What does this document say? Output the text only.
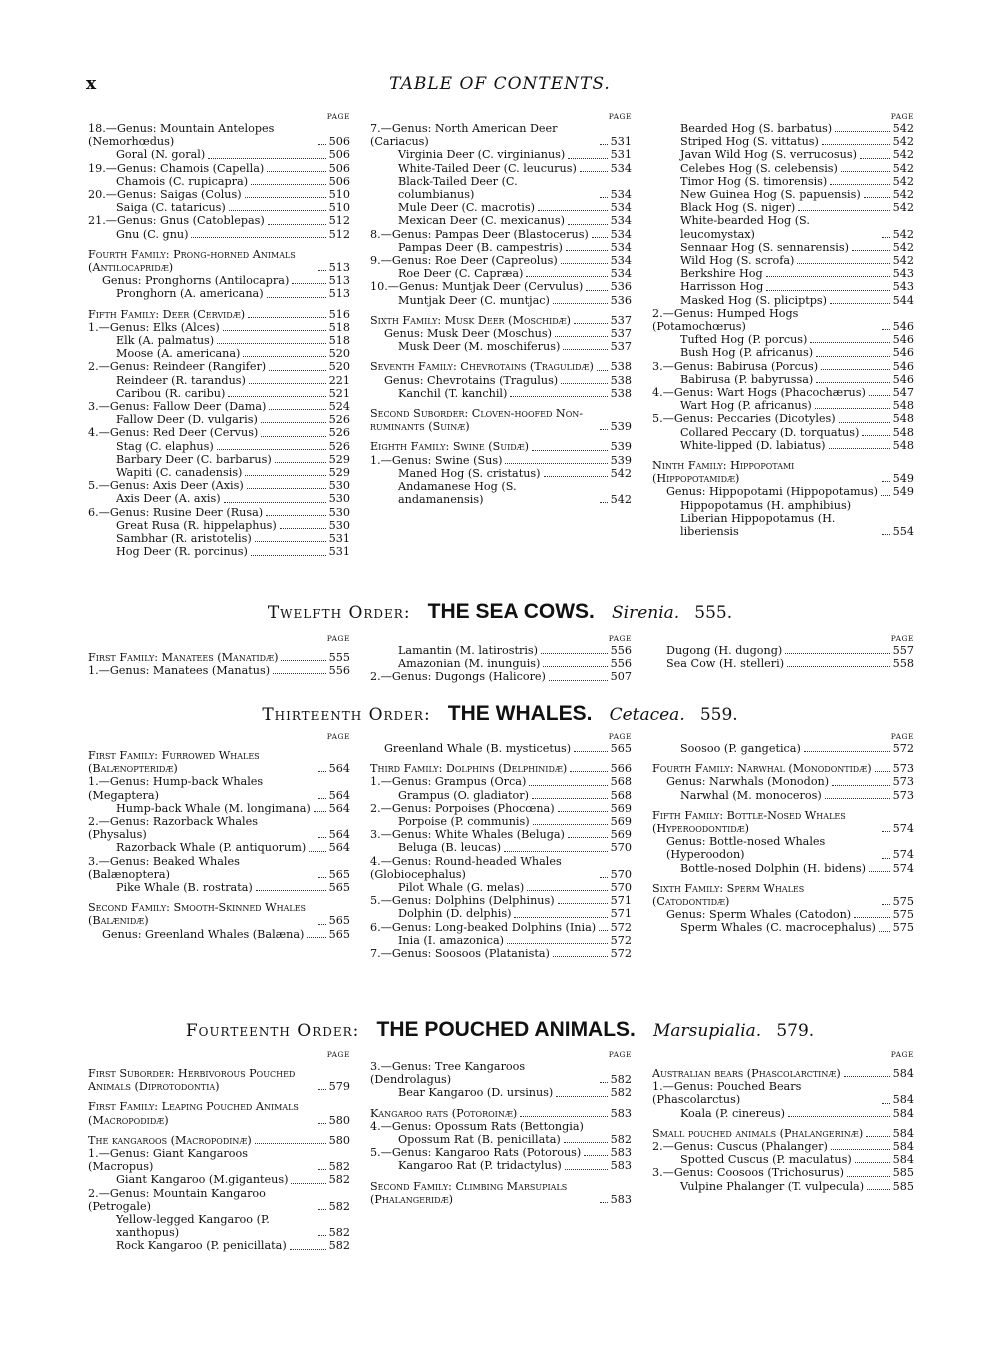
x	TABLE OF CONTENTS.
PAGE
18.—Genus: Mountain Antelopes (Nemorhœdus)	506
Goral (N. goral)	506
19.—Genus: Chamois (Capella)	506
Chamois (C. rupicapra)	506
20.—Genus: Saigas (Colus)	510
Saiga (C. tataricus)	510
21.—Genus: Gnus (Catoblepas)	512
Gnu (C. gnu)	512
Fourth Family: Prong-horned Animals (Antilocapridæ)	513
Genus: Pronghorns (Antilocapra)	513
Pronghorn (A. americana)	513
Fifth Family: Deer (Cervidæ)	516
1.—Genus: Elks (Alces)	518
Elk (A. palmatus)	518
Moose (A. americana)	520
2.—Genus: Reindeer (Rangifer)	520
Reindeer (R. tarandus)	221
Caribou (R. caribu)	521
3.—Genus: Fallow Deer (Dama)	524
Fallow Deer (D. vulgaris)	526
4.—Genus: Red Deer (Cervus)	526
Stag (C. elaphus)	526
Barbary Deer (C. barbarus)	529
Wapiti (C. canadensis)	529
5.—Genus: Axis Deer (Axis)	530
Axis Deer (A. axis)	530
6.—Genus: Rusine Deer (Rusa)	530
Great Rusa (R. hippelaphus)	530
Sambhar (R. aristotelis)	531
Hog Deer (R. porcinus)	531
PAGE
7.—Genus: North American Deer (Cariacus)	531
Virginia Deer (C. virginianus)	531
White-Tailed Deer (C. leucurus)	534
Black-Tailed Deer (C. columbianus)	534
Mule Deer (C. macrotis)	534
Mexican Deer (C. mexicanus)	534
8.—Genus: Pampas Deer (Blastocerus) 534
Pampas Deer (B. campestris)	534
9.—Genus: Roe Deer (Capreolus)	534
Roe Deer (C. Capræa)	534
10.—Genus: Muntjak Deer (Cervulus) 536
Muntjak Deer (C. muntjac)	536
Sixth Family: Musk Deer (Moschidæ)	537
Genus: Musk Deer (Moschus)	537
Musk Deer (M. moschiferus)	537
Seventh Family: Chevrotains (Tragulidæ) 538
Genus: Chevrotains (Tragulus)	538
Kanchil (T. kanchil)	538
Second Suborder: Cloven-hoofed Non-ruminants (Suinæ)	539
Eighth Family: Swine (Suidæ)	539
1.—Genus: Swine (Sus)	539
Maned Hog (S. cristatus)	542
Andamanese Hog (S. andamanensis)	542
PAGE
Bearded Hog (S. barbatus)	542
Striped Hog (S. vittatus)	542
Javan Wild Hog (S. verrucosus)	542
Celebes Hog (S. celebensis)	542
Timor Hog (S. timorensis)	542
New Guinea Hog (S. papuensis)	542
Black Hog (S. niger)	542
White-bearded Hog (S. leucomystax)	542
Sennaar Hog (S. sennarensis)	542
Wild Hog (S. scrofa)	542
Berkshire Hog	543
Harrisson Hog	543
Masked Hog (S. pliciptps)	544
2.—Genus: Humped Hogs (Potamochœrus)	546
Tufted Hog (P. porcus)	546
Bush Hog (P. africanus)	546
3.—Genus: Babirusa (Porcus)	546
Babirusa (P. babyrussa)	546
4.—Genus: Wart Hogs (Phacochærus) 547
Wart Hog (P. africanus)	548
5.—Genus: Peccaries (Dicotyles)	548
Collared Peccary (D. torquatus)	548
White-lipped (D. labiatus)	548
Ninth Family: Hippopotami (Hippopotamidæ)	549
Genus: Hippopotami (Hippopotamus) 549
Hippopotamus (H. amphibius)
Liberian Hippopotamus (H. liberiensis	554
Twelfth Order: THE SEA COWS. Sirenia. 555.
PAGE
First Family: Manatees (Manatidæ)	555
1.—Genus: Manatees (Manatus)	556
PAGE
Lamantin (M. latirostris)	556
Amazonian (M. inunguis)	556
2.—Genus: Dugongs (Halicore)	507
PAGE
Dugong (H. dugong)	557
Sea Cow (H. stelleri)	558
Thirteenth Order: THE WHALES. Cetacea. 559.
PAGE
First Family: Furrowed Whales (Balænopteridæ)	564
1.—Genus: Hump-back Whales (Megaptera)	564
Hump-back Whale (M. longimana) 564
2.—Genus: Razorback Whales (Physalus)	564
Razorback Whale (P. antiquorum) 564
3.—Genus: Beaked Whales (Balænoptera)	565
Pike Whale (B. rostrata)	565
Second Family: Smooth-Skinned Whales (Balænidæ)	565
Genus: Greenland Whales (Balæna) 565
PAGE
Greenland Whale (B. mysticetus)	565
Third Family: Dolphins (Delphinidæ)	566
1.—Genus: Grampus (Orca)	568
Grampus (O. gladiator)	568
2.—Genus: Porpoises (Phocœna)	569
Porpoise (P. communis)	569
3.—Genus: White Whales (Beluga)	569
Beluga (B. leucas)	570
4.—Genus: Round-headed Whales (Globiocephalus)	570
Pilot Whale (G. melas)	570
5.—Genus: Dolphins (Delphinus)	571
Dolphin (D. delphis)	571
6.—Genus: Long-beaked Dolphins (Inia) 572
Inia (I. amazonica)	572
7.—Genus: Soosoos (Platanista)	572
PAGE
Soosoo (P. gangetica)	572
Fourth Family: Narwhal (Monodontidæ) 573
Genus: Narwhals (Monodon)	573
Narwhal (M. monoceros)	573
Fifth Family: Bottle-Nosed Whales (Hyperoodontidæ)	574
Genus: Bottle-nosed Whales (Hyperoodon)	574
Bottle-nosed Dolphin (H. bidens) 574
Sixth Family: Sperm Whales (Catodontidæ)	575
Genus: Sperm Whales (Catodon)	575
Sperm Whales (C. macrocephalus) 575
Fourteenth Order: THE POUCHED ANIMALS. Marsupialia. 579.
PAGE
First Suborder: Herbivorous Pouched Animals (Diprotodontia)	579
First Family: Leaping Pouched Animals (Macropodidæ)	580
The kangaroos (Macropodinæ)	580
1.—Genus: Giant Kangaroos (Macropus)	582
Giant Kangaroo (M.giganteus)	582
2.—Genus: Mountain Kangaroo (Petrogale)	582
Yellow-legged Kangaroo (P. xanthopus)	582
Rock Kangaroo (P. penicillata)	582
PAGE
3.—Genus: Tree Kangaroos (Dendrolagus)	582
Bear Kangaroo (D. ursinus)	582
Kangaroo rats (Potoroinæ)	583
4.—Genus: Opossum Rats (Bettongia)
Opossum Rat (B. penicillata)	582
5.—Genus: Kangaroo Rats (Potorous)	583
Kangaroo Rat (P. tridactylus)	583
Second Family: Climbing Marsupials (Phalangeridæ)	583
PAGE
Australian bears (Phascolarctinæ)	584
1.—Genus: Pouched Bears (Phascolarctus)	584
Koala (P. cinereus)	584
Small pouched animals (Phalangerinæ)	584
2.—Genus: Cuscus (Phalanger)	584
Spotted Cuscus (P. maculatus)	584
3.—Genus: Coosoos (Trichosurus)	585
Vulpine Phalanger (T. vulpecula)	585
